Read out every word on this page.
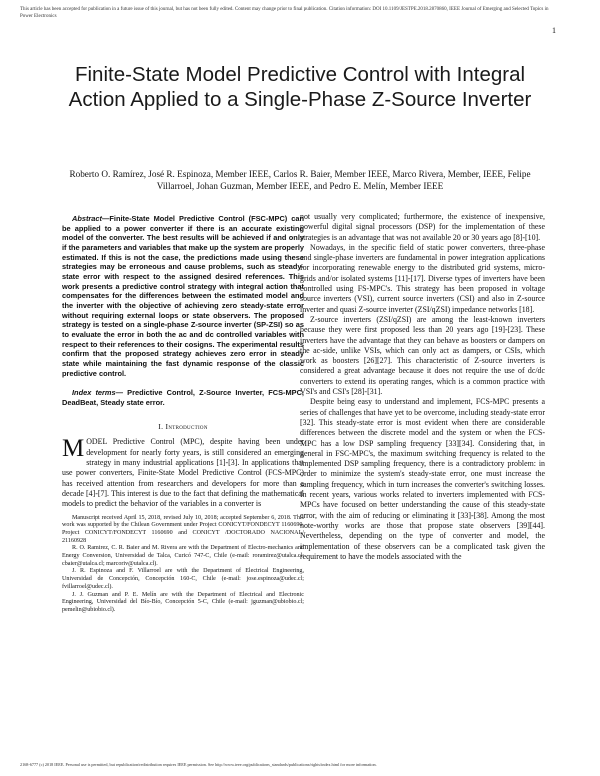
This article has been accepted for publication in a future issue of this journal, but has not been fully edited. Content may change prior to final publication. Citation information: DOI 10.1109/JESTPE.2018.2870860, IEEE Journal of Emerging and Selected Topics in Power Electronics
1
Finite-State Model Predictive Control with Integral Action Applied to a Single-Phase Z-Source Inverter
Roberto O. Ramírez, José R. Espinoza, Member IEEE, Carlos R. Baier, Member IEEE, Marco Rivera, Member, IEEE, Felipe Villarroel, Johan Guzman, Member IEEE, and Pedro E. Melín, Member IEEE

Abstract—Finite-State Model Predictive Control (FSC-MPC) can be applied to a power converter if there is an accurate existing model of the converter. The best results will be achieved if and only if the parameters and variables that make up the system are properly estimated. If this is not the case, the predictions made using these strategies may be erroneous and cause problems, such as steady-state error with respect to the assigned desired references. This work presents a predictive control strategy with integral action that compensates for the differences between the estimated model and the inverter with the objective of achieving zero steady-state error without requiring external loops or state observers. The proposed strategy is tested on a single-phase Z-source inverter (SP-ZSI) so as to evaluate the error in both the ac and dc controlled variables with respect to their references to their cosigns. The experimental results confirm that the proposed strategy achieves zero error in steady state while maintaining the fast dynamic response of the classic predictive control.

Index terms— Predictive Control, Z-Source Inverter, FCS-MPC, DeadBeat, Steady state error.

I. Introduction

MODEL Predictive Control (MPC), despite having been under development for nearly forty years, is still considered an emerging strategy in many industrial applications [1]-[3]. In applications that use power converters, Finite-State Model Predictive Control (FCS-MPC) has received attention from researchers and developers for more than a decade [4]-[7]. This interest is due to the fact that defining the mathematical models to predict the behavior of the variables in a converter is

Manuscript received April 15, 2018, revised July 10, 2018; accepted September 6, 2018. This work was supported by the Chilean Government under Project CONICYT/FONDECYT 1160690, Project CONICYT/FONDECYT 1160690 and CONICYT /DOCTORADO NACIONAL/ 21160928

R. O. Ramirez, C. R. Baier and M. Rivera are with the Department of Electro-mechanics and Energy Conversion, Universidad de Talca, Curicó 747-C, Chile (e-mail: roramirez@utalca.cl; cbaier@utalca.cl; marcoriv@utalca.cl).

J. R. Espinoza and F. Villarroel are with the Department of Electrical Engineering, Universidad de Concepción, Concepción 160-C, Chile (e-mail: jose.espinoza@udec.cl; fvillarroel@udec.cl).

J. J. Guzman and P. E. Melín are with the Department of Electrical and Electronic Engineering, Universidad del Bío-Bío, Concepción 5-C, Chile (e-mail: jguzman@ubiobio.cl; pemelin@ubiobio.cl).

not usually very complicated; furthermore, the existence of inexpensive, powerful digital signal processors (DSP) for the implementation of these strategies is an advantage that was not available 20 or 30 years ago [8]-[10].

Nowadays, in the specific field of static power converters, three-phase and single-phase inverters are fundamental in power integration applications for incorporating renewable energy to the distributed grid systems, micro-grids and/or isolated systems [11]-[17]. Diverse types of inverters have been controlled using FS-MPC's. This strategy has been proposed in voltage source inverters (VSI), current source inverters (CSI) and also in Z-source inverter and quasi Z-source inverter (ZSI/qZSI) impedance networks [18].

Z-source inverters (ZSI/qZSI) are among the least-known inverters because they were first proposed less than 20 years ago [19]-[23]. These inverters have the advantage that they can behave as boosters or dampers on the ac-side, unlike VSIs, which can only act as dampers, or CSIs, which work as boosters [26][27]. This characteristic of Z-source inverters is considered a great advantage because it does not require the use of dc/dc converters to extend its operating ranges, which is a common practice with VSI's and CSI's [28]-[31].

Despite being easy to understand and implement, FCS-MPC presents a series of challenges that have yet to be overcome, including steady-state error [32]. This steady-state error is most evident when there are considerable differences between the discrete model and the system or when the FCS-MPC has a low DSP sampling frequency [33][34]. Considering that, in general in FSC-MPC's, the maximum switching frequency is related to the implemented DSP sampling frequency, there is a contradictory problem: in order to minimize the system's steady-state error, one must increase the sampling frequency, which in turn increases the converter's switching losses. In recent years, various works related to inverters implemented with FCS-MPCs have focused on better understanding the cause of this steady-state error, with the aim of reducing or eliminating it [33]-[38]. Among the most note-worthy works are those that propose state observers [39][44]. Nevertheless, depending on the type of converter and model, the implementation of these observers can be a complicated task given the requirement to have the models associated with the

2168-6777 (c) 2018 IEEE. Personal use is permitted, but republication/redistribution requires IEEE permission. See http://www.ieee.org/publications_standards/publications/rights/index.html for more information.
